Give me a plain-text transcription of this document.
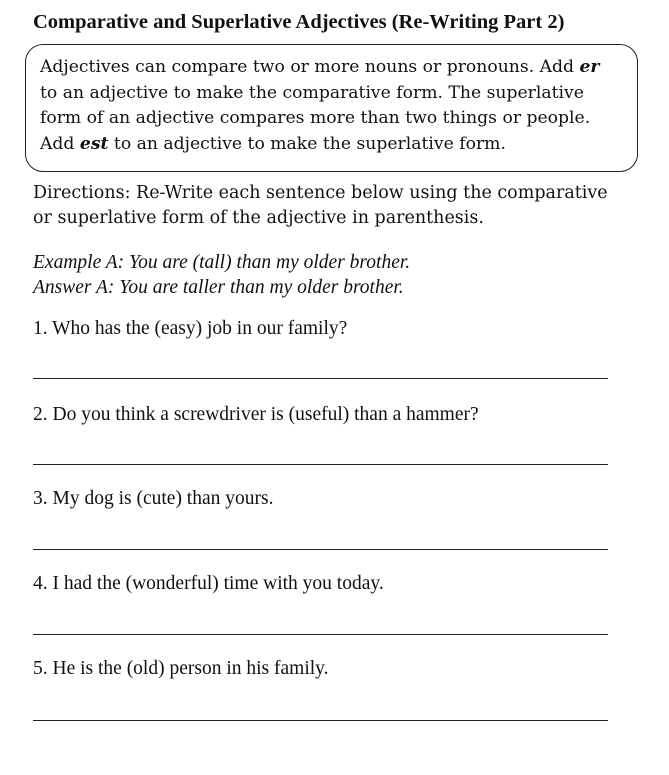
Comparative and Superlative Adjectives (Re-Writing Part 2)
Adjectives can compare two or more nouns or pronouns. Add er
to an adjective to make the comparative form. The superlative
form of an adjective compares more than two things or people.
Add est to an adjective to make the superlative form.
Directions: Re-Write each sentence below using the comparative
or superlative form of the adjective in parenthesis.
Example A: You are (tall) than my older brother.
Answer A: You are taller than my older brother.
1. Who has the (easy) job in our family?
2. Do you think a screwdriver is (useful) than a hammer?
3. My dog is (cute) than yours.
4. I had the (wonderful) time with you today.
5. He is the (old) person in his family.
